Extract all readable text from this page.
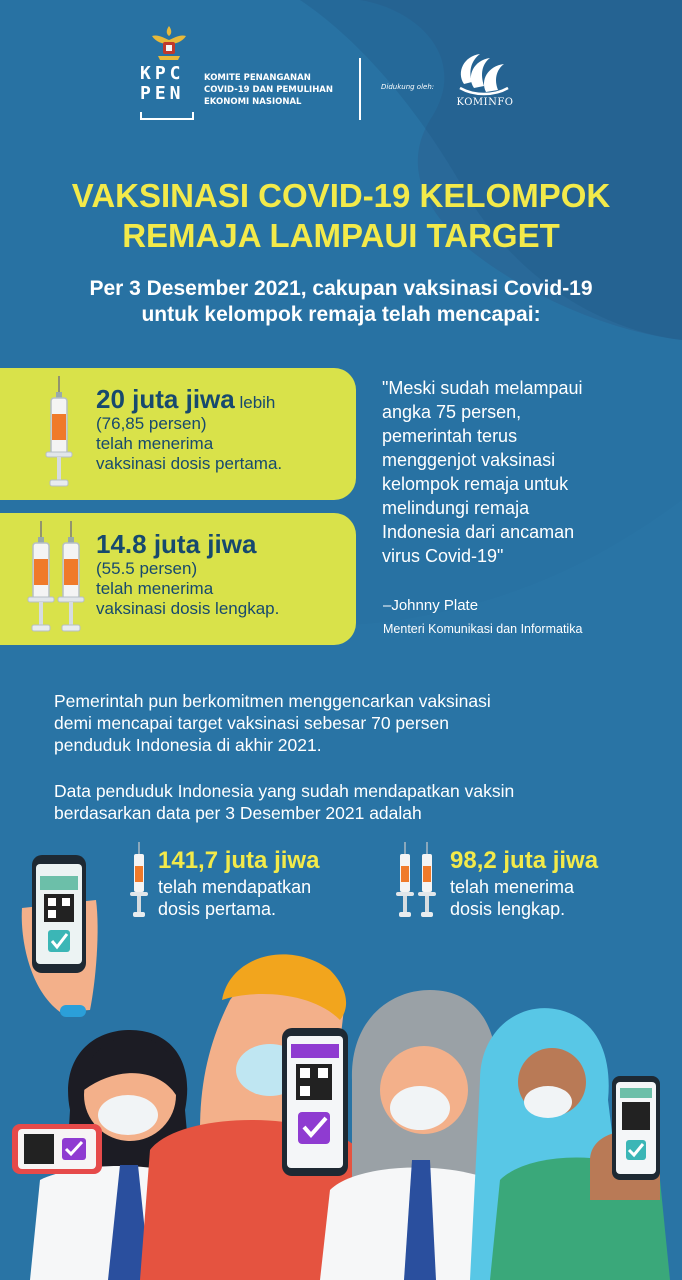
KPC
PEN
KOMITE PENANGANAN
COVID-19 DAN PEMULIHAN
EKONOMI NASIONAL
Didukung oleh:
KOMINFO
VAKSINASI COVID-19 KELOMPOK
REMAJA LAMPAUI TARGET
Per 3 Desember 2021, cakupan vaksinasi Covid-19
untuk kelompok remaja telah mencapai:
20 juta jiwa lebih
(76,85 persen)
telah menerima
vaksinasi dosis pertama.
14.8 juta jiwa
(55.5 persen)
telah menerima
vaksinasi dosis lengkap.
"Meski sudah melampaui
angka 75 persen,
pemerintah terus
menggenjot vaksinasi
kelompok remaja untuk
melindungi remaja
Indonesia dari ancaman
virus Covid-19"
–Johnny Plate
Menteri Komunikasi dan Informatika
Pemerintah pun berkomitmen menggencarkan vaksinasi
demi mencapai target vaksinasi sebesar 70 persen
penduduk Indonesia di akhir 2021.
Data penduduk Indonesia yang sudah mendapatkan vaksin
berdasarkan data per 3 Desember 2021 adalah
141,7 juta jiwa
telah mendapatkan
dosis pertama.
98,2 juta jiwa
telah menerima
dosis lengkap.
